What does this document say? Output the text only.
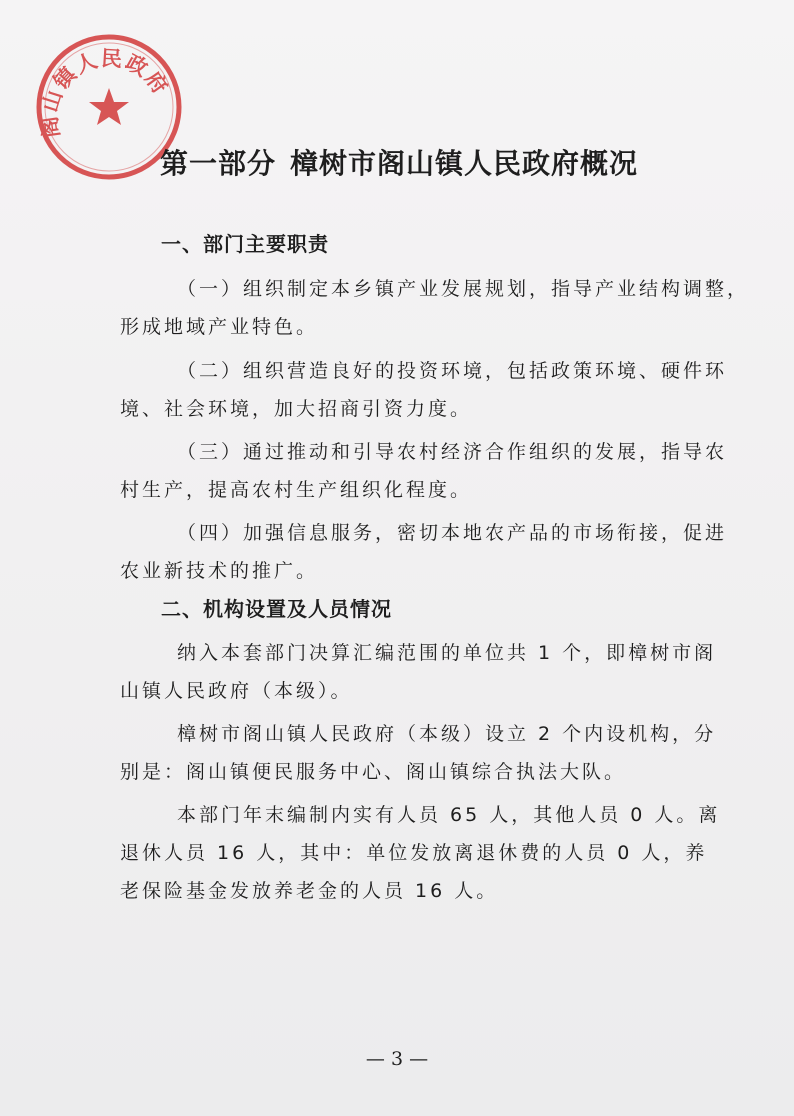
阁山镇人民政府
第一部分 樟树市阁山镇人民政府概况
一、部门主要职责
（一）组织制定本乡镇产业发展规划，指导产业结构调整，
形成地域产业特色。
（二）组织营造良好的投资环境，包括政策环境、硬件环
境、社会环境，加大招商引资力度。
（三）通过推动和引导农村经济合作组织的发展，指导农
村生产，提高农村生产组织化程度。
（四）加强信息服务，密切本地农产品的市场衔接，促进
农业新技术的推广。
二、机构设置及人员情况
纳入本套部门决算汇编范围的单位共 1 个，即樟树市阁
山镇人民政府（本级）。
樟树市阁山镇人民政府（本级）设立 2 个内设机构，分
别是：阁山镇便民服务中心、阁山镇综合执法大队。
本部门年末编制内实有人员 65 人，其他人员 0 人。离
退休人员 16 人，其中：单位发放离退休费的人员 0 人，养
老保险基金发放养老金的人员 16 人。
— 3 —
